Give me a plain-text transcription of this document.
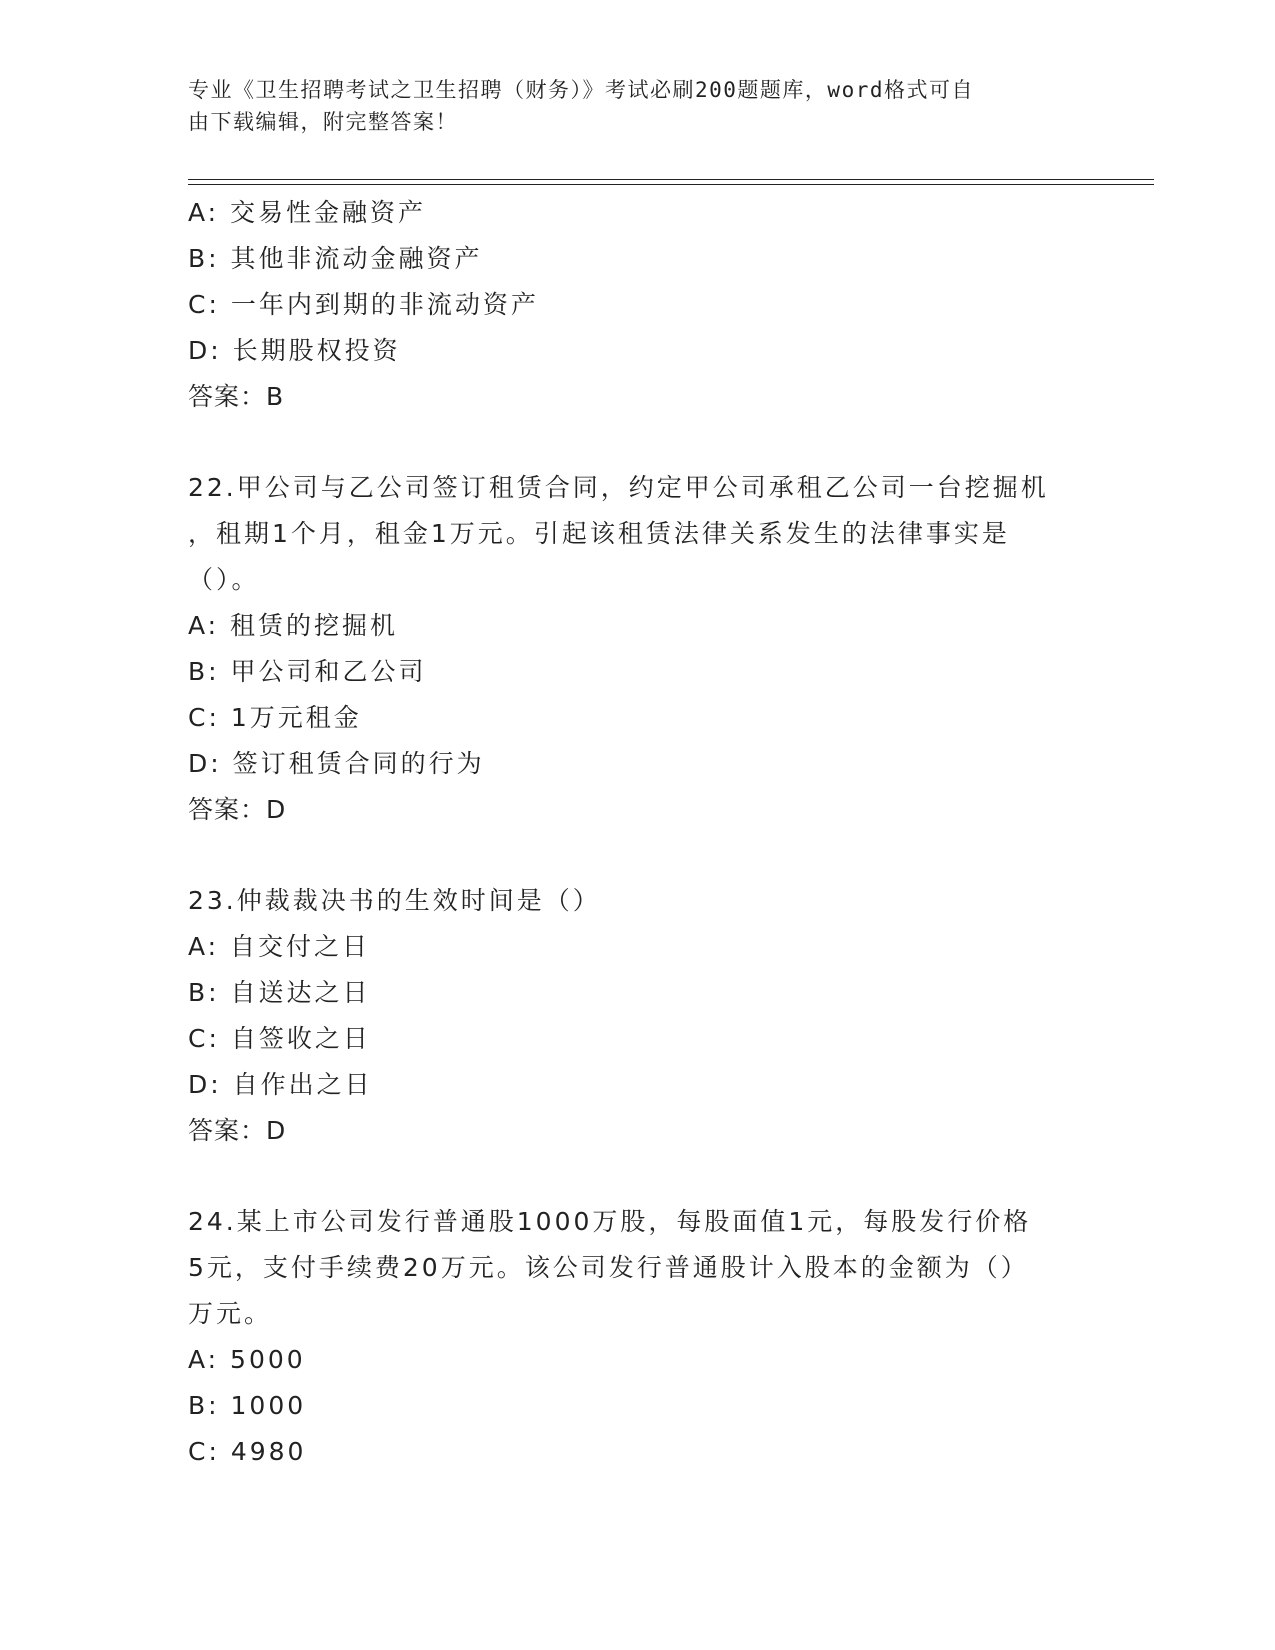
专业《卫生招聘考试之卫生招聘（财务）》考试必刷200题题库，word格式可自
由下载编辑，附完整答案！
A: 交易性金融资产
B: 其他非流动金融资产
C: 一年内到期的非流动资产
D: 长期股权投资
答案：B
22.甲公司与乙公司签订租赁合同，约定甲公司承租乙公司一台挖掘机
，租期1个月，租金1万元。引起该租赁法律关系发生的法律事实是
（）。
A: 租赁的挖掘机
B: 甲公司和乙公司
C: 1万元租金
D: 签订租赁合同的行为
答案：D
23.仲裁裁决书的生效时间是（）
A: 自交付之日
B: 自送达之日
C: 自签收之日
D: 自作出之日
答案：D
24.某上市公司发行普通股1000万股，每股面值1元，每股发行价格
5元，支付手续费20万元。该公司发行普通股计入股本的金额为（）
万元。
A: 5000
B: 1000
C: 4980
